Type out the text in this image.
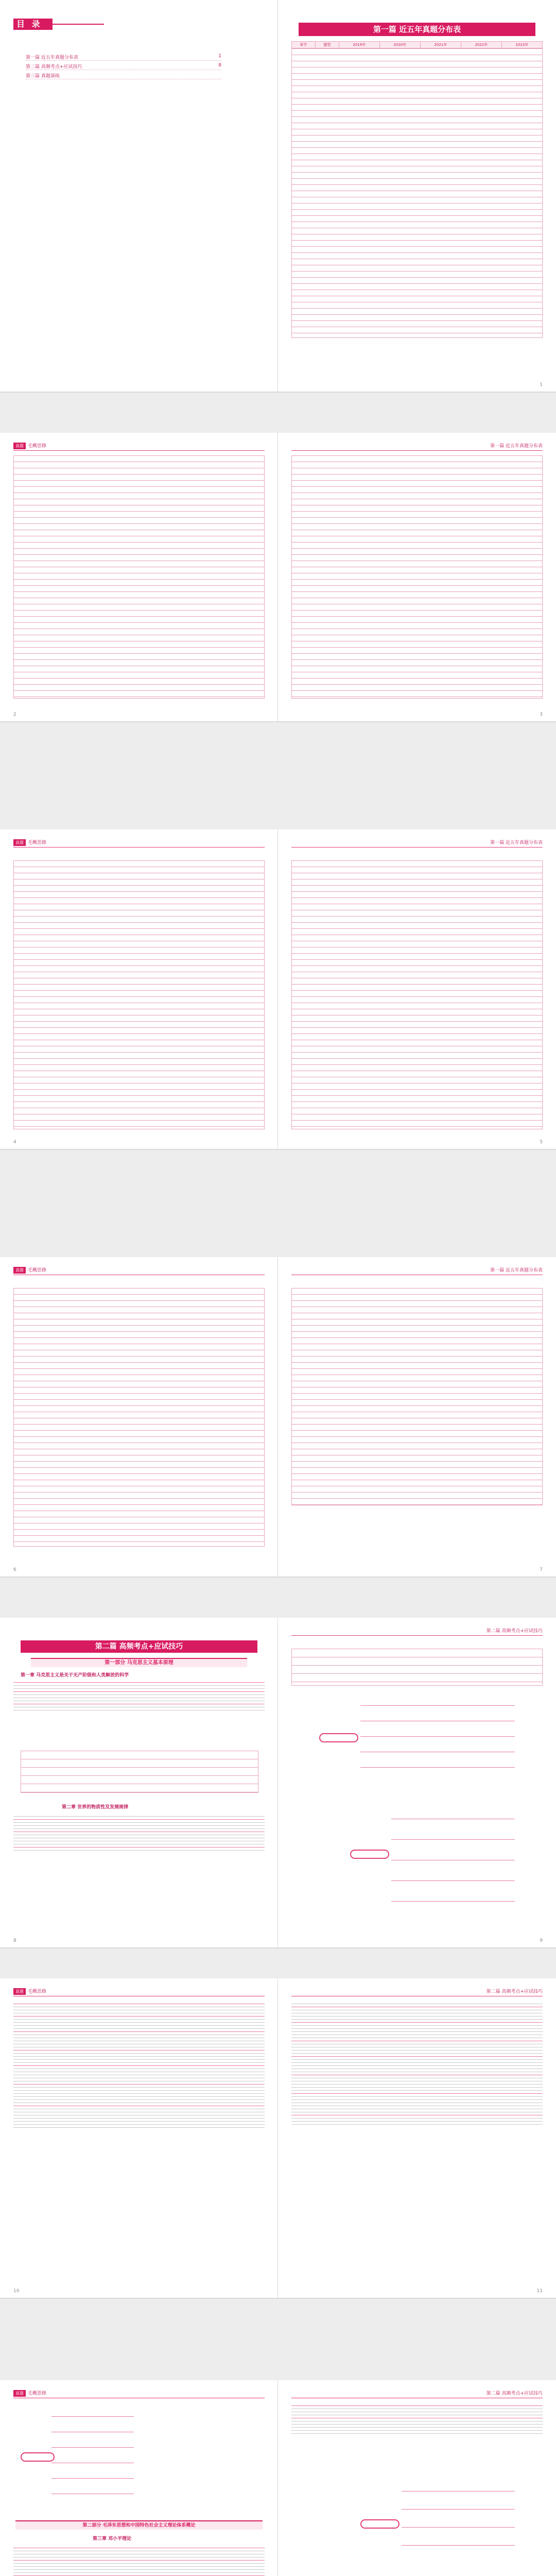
目 录
第一篇 近五年真题分布表	1
第二篇 高频考点+应试技巧	8
第三篇 真题演练
第一篇 近五年真题分布表
章节	题型	2019年	2020年	2021年	2022年	2023年
1
真题 毛概思修
2
第一篇 近五年真题分布表
3
真题 毛概思修
4
第一篇 近五年真题分布表
5
真题 毛概思修
6
第一篇 近五年真题分布表
7
第二篇 高频考点+应试技巧
第一部分 马克思主义基本原理
第一章 马克思主义是关于无产阶级和人类解放的科学
第二章 世界的物质性及发展规律
8
第二篇 高频考点+应试技巧
9
真题 毛概思修
10
第二篇 高频考点+应试技巧
11
真题 毛概思修
第二部分 毛泽东思想和中国特色社会主义理论体系概论
第三章 邓小平理论
第二篇 高频考点+应试技巧
